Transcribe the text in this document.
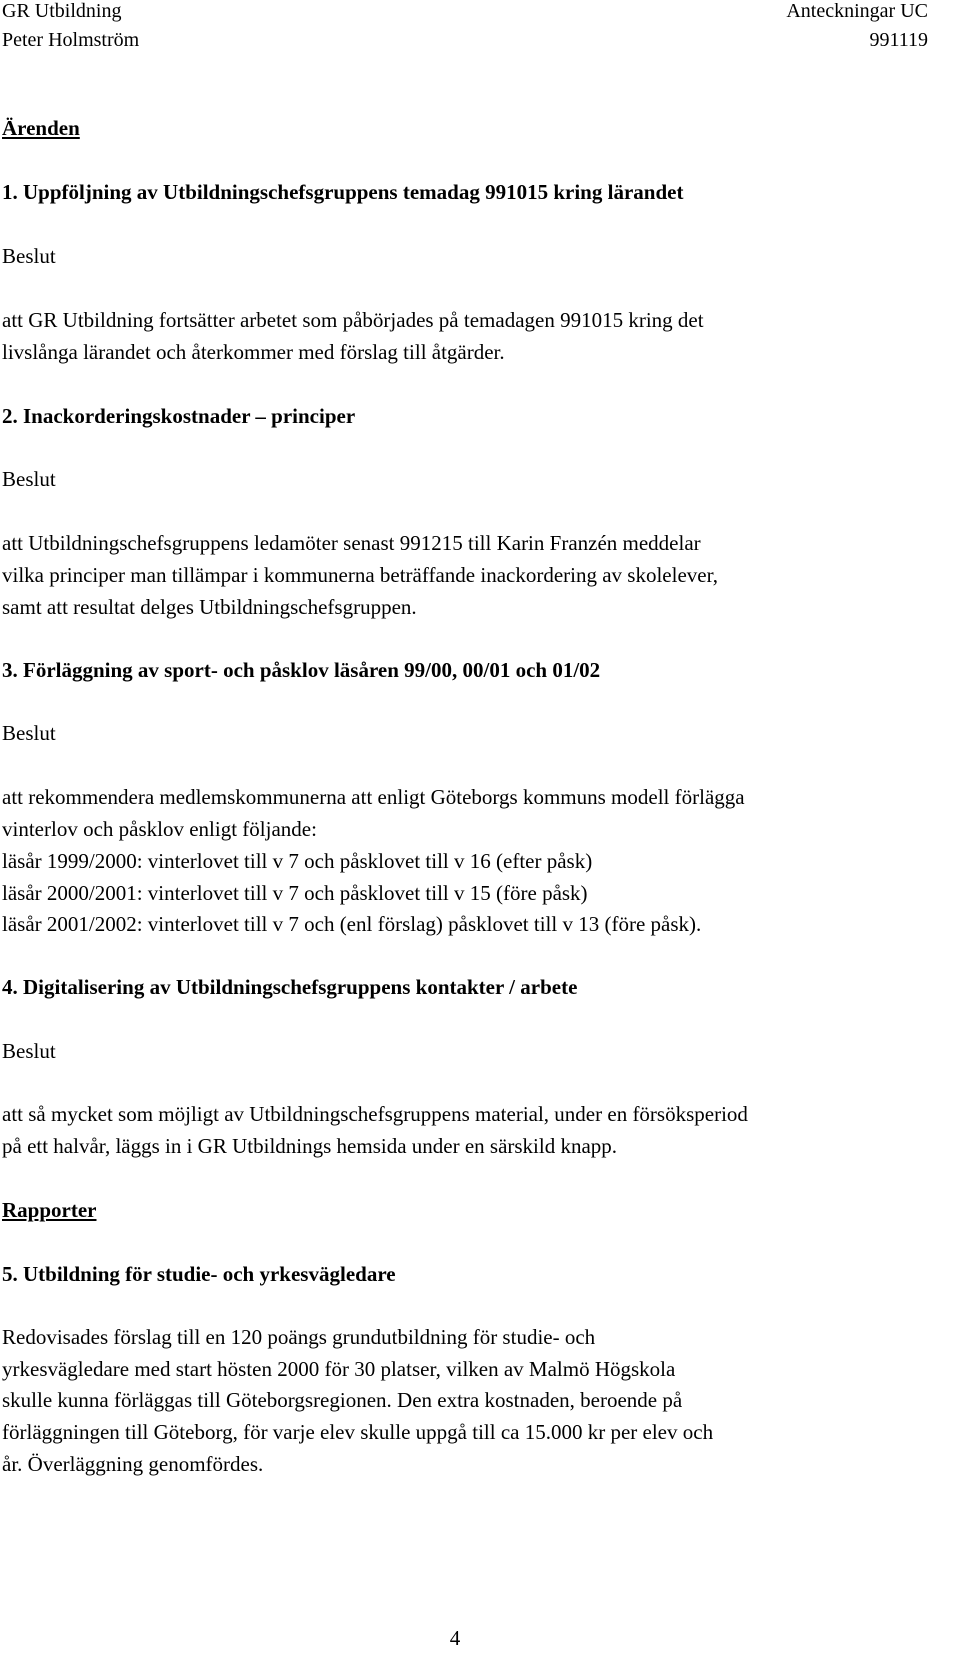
GR Utbildning	Anteckningar UC
Peter Holmström	991119
Ärenden
1. Uppföljning av Utbildningschefsgruppens temadag 991015 kring lärandet
Beslut
att GR Utbildning fortsätter arbetet som påbörjades på temadagen 991015 kring det
livslånga lärandet och återkommer med förslag till åtgärder.
2. Inackorderingskostnader – principer
Beslut
att Utbildningschefsgruppens ledamöter senast 991215 till Karin Franzén meddelar
vilka principer man tillämpar i kommunerna beträffande inackordering av skolelever,
samt att resultat delges Utbildningschefsgruppen.
3. Förläggning av sport- och påsklov läsåren 99/00, 00/01 och 01/02
Beslut
att rekommendera medlemskommunerna att enligt Göteborgs kommuns modell förlägga
vinterlov och påsklov enligt följande:
läsår 1999/2000: vinterlovet till v 7 och påsklovet till v 16 (efter påsk)
läsår 2000/2001: vinterlovet till v 7 och påsklovet till v 15 (före påsk)
läsår 2001/2002: vinterlovet till v 7 och (enl förslag) påsklovet till v 13 (före påsk).
4. Digitalisering av Utbildningschefsgruppens kontakter / arbete
Beslut
att så mycket som möjligt av Utbildningschefsgruppens material, under en försöksperiod
på ett halvår, läggs in i GR Utbildnings hemsida under en särskild knapp.
Rapporter
5. Utbildning för studie- och yrkesvägledare
Redovisades förslag till en 120 poängs grundutbildning för studie- och
yrkesvägledare med start hösten 2000 för 30 platser, vilken av Malmö Högskola
skulle kunna förläggas till Göteborgsregionen. Den extra kostnaden, beroende på
förläggningen till Göteborg, för varje elev skulle uppgå till ca 15.000 kr per elev och
år. Överläggning genomfördes.
4
